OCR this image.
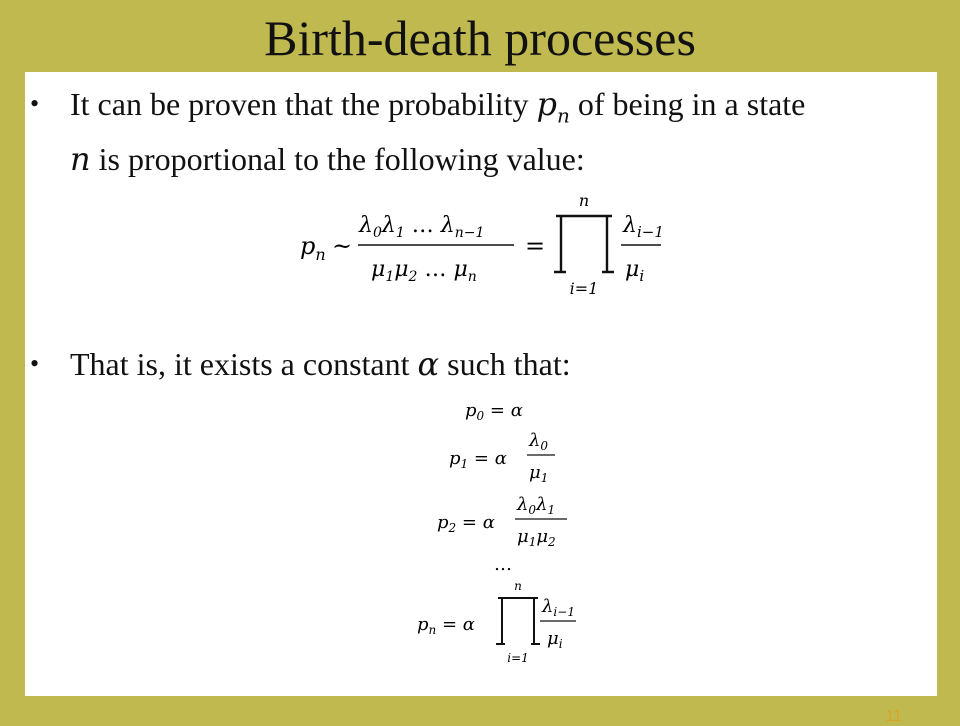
Birth-death processes
• It can be proven that the probability $p_n$ of being in a state
n is proportional to the following value:
$p_n$ ~
$\lambda_0\lambda_1$ … $\lambda_{n-1}$
$\mu_1\mu_2$ … $\mu_n$
=
n
i=1
$\lambda_{i-1}$
$\mu_i$
• That is, it exists a constant α such that:
$p_0 = \alpha$
$p_1 = \alpha$
$\lambda_0$
$\mu_1$
$p_2 = \alpha$
$\lambda_0\lambda_1$
$\mu_1\mu_2$
…
$p_n = \alpha$
n
i=1
$\lambda_{i-1}$
$\mu_i$
11
